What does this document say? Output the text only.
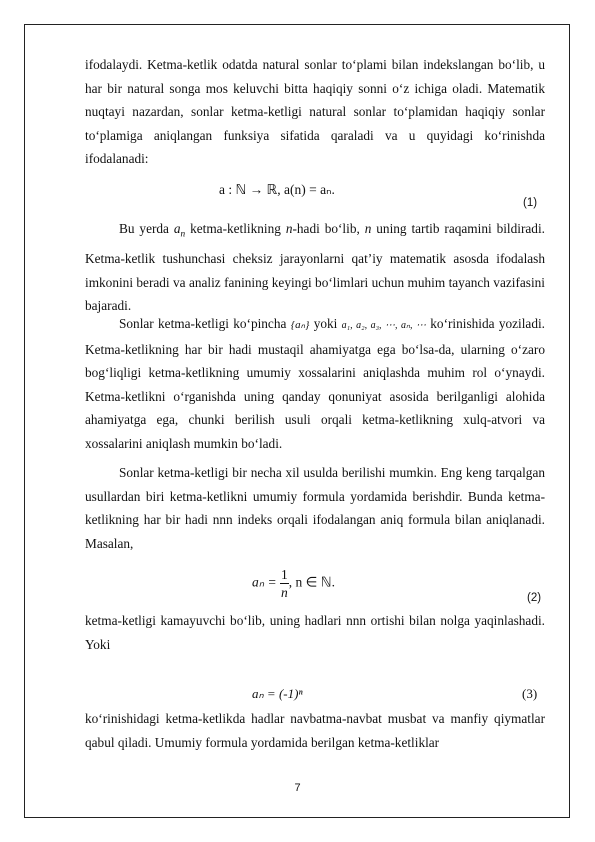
ifodalaydi. Ketma-ketlik odatda natural sonlar to‘plami bilan indekslangan bo‘lib, u har bir natural songa mos keluvchi bitta haqiqiy sonni o‘z ichiga oladi. Matematik nuqtayi nazardan, sonlar ketma-ketligi natural sonlar to‘plamidan haqiqiy sonlar to‘plamiga aniqlangan funksiya sifatida qaraladi va u quyidagi ko‘rinishda ifodalanadi:

a : ℕ → ℝ, a(n) = aₙ.
(1)

Bu yerda $a_n$ ketma-ketlikning n-hadi bo‘lib, n uning tartib raqamini bildiradi. Ketma-ketlik tushunchasi cheksiz jarayonlarni qat’iy matematik asosda ifodalash imkonini beradi va analiz fanining keyingi bo‘limlari uchun muhim tayanch vazifasini bajaradi.

Sonlar ketma-ketligi ko‘pincha {aₙ} yoki a₁, a₂, a₃, ⋯, aₙ, ⋯ ko‘rinishida yoziladi. Ketma-ketlikning har bir hadi mustaqil ahamiyatga ega bo‘lsa-da, ularning o‘zaro bog‘liqligi ketma-ketlikning umumiy xossalarini aniqlashda muhim rol o‘ynaydi. Ketma-ketlikni o‘rganishda uning qanday qonuniyat asosida berilganligi alohida ahamiyatga ega, chunki berilish usuli orqali ketma-ketlikning xulq-atvori va xossalarini aniqlash mumkin bo‘ladi.

Sonlar ketma-ketligi bir necha xil usulda berilishi mumkin. Eng keng tarqalgan usullardan biri ketma-ketlikni umumiy formula yordamida berishdir. Bunda ketma-ketlikning har bir hadi nnn indeks orqali ifodalangan aniq formula bilan aniqlanadi. Masalan,

$a_n = \frac{1}{n}$ , n ∈ ℕ.
(2)

ketma-ketligi kamayuvchi bo‘lib, uning hadlari nnn ortishi bilan nolga yaqinlashadi. Yoki

aₙ = (-1)ⁿ	(3)

ko‘rinishidagi ketma-ketlikda hadlar navbatma-navbat musbat va manfiy qiymatlar qabul qiladi. Umumiy formula yordamida berilgan ketma-ketliklar

7
